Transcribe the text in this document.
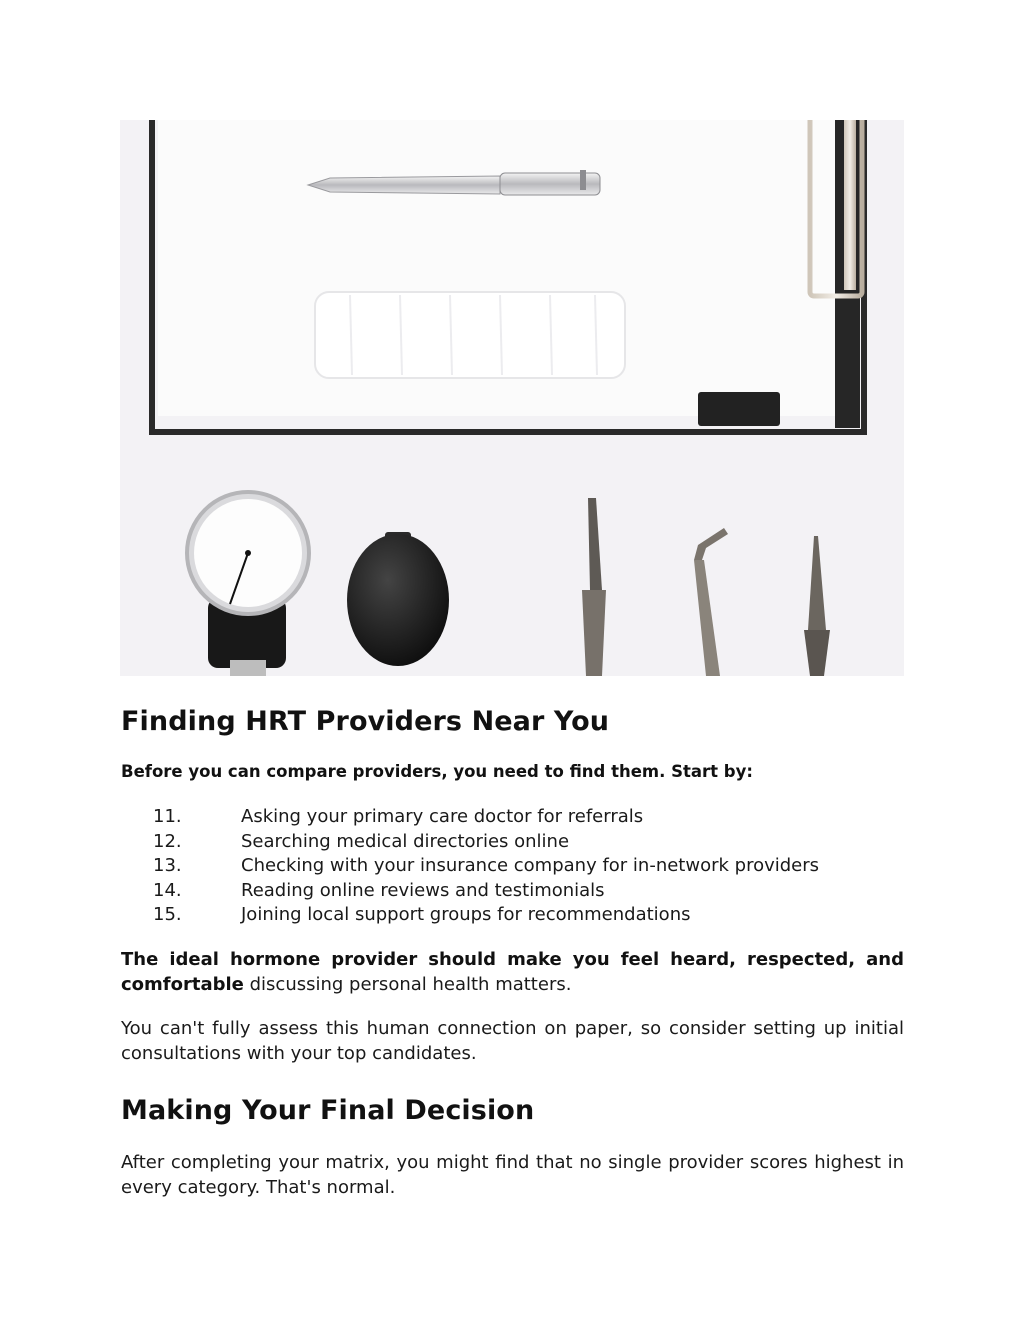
Finding HRT Providers Near You

Before you can compare providers, you need to find them. Start by:

11.	Asking your primary care doctor for referrals
12.	Searching medical directories online
13.	Checking with your insurance company for in-network providers
14.	Reading online reviews and testimonials
15.	Joining local support groups for recommendations

The ideal hormone provider should make you feel heard, respected, and comfortable discussing personal health matters.

You can't fully assess this human connection on paper, so consider setting up initial consultations with your top candidates.

Making Your Final Decision

After completing your matrix, you might find that no single provider scores highest in every category. That's normal.
